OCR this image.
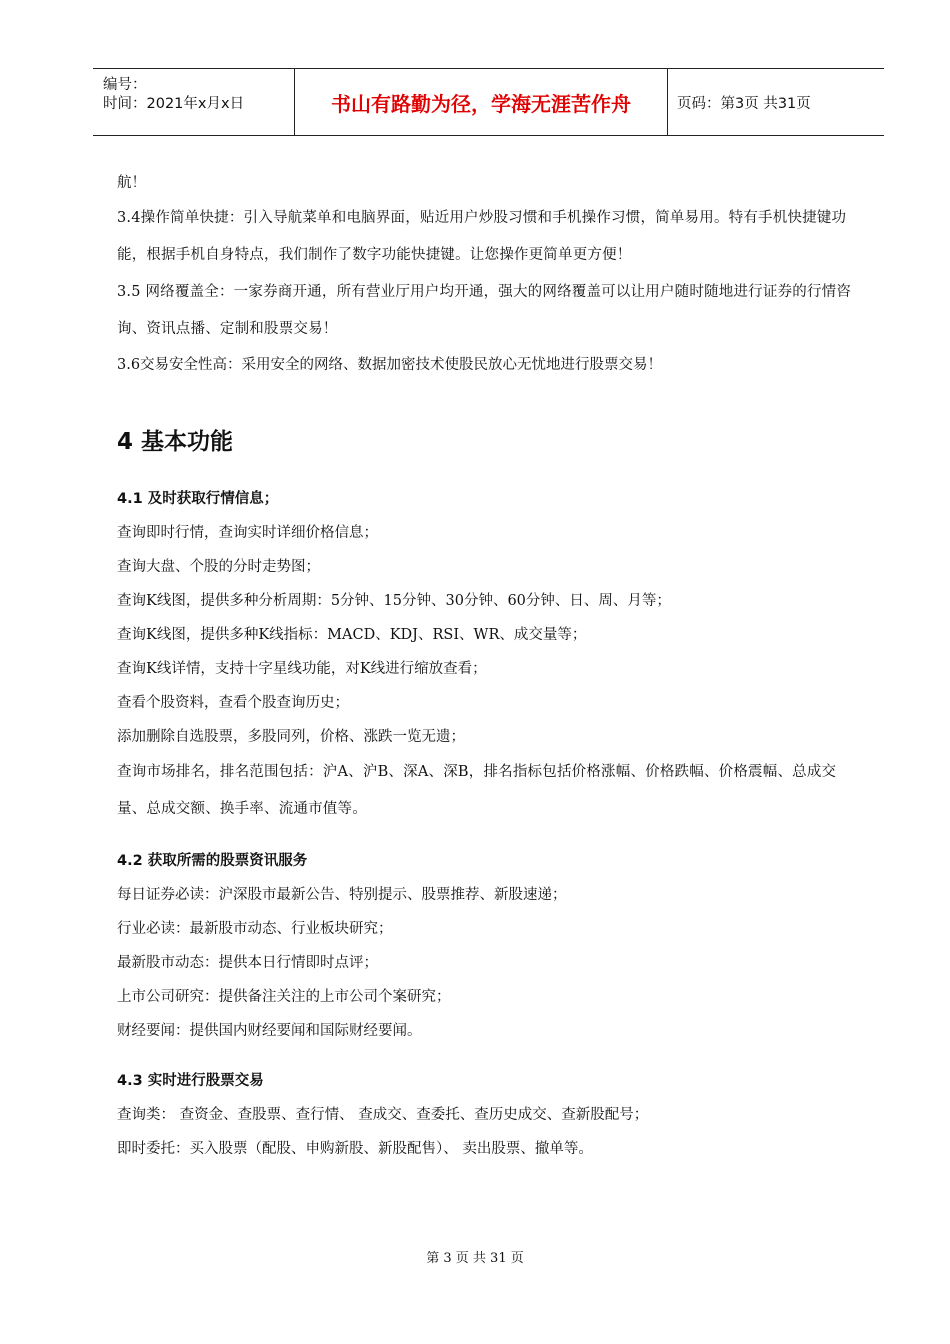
编号：
时间：2021年x月x日	书山有路勤为径，学海无涯苦作舟	页码：第3页 共31页

航！

3.4操作简单快捷：引入导航菜单和电脑界面，贴近用户炒股习惯和手机操作习惯，简单易用。特有手机快捷键功能，根据手机自身特点，我们制作了数字功能快捷键。让您操作更简单更方便！

3.5 网络覆盖全：一家券商开通，所有营业厅用户均开通，强大的网络覆盖可以让用户随时随地进行证券的行情咨询、资讯点播、定制和股票交易！

3.6交易安全性高：采用安全的网络、数据加密技术使股民放心无忧地进行股票交易！

4 基本功能
4.1 及时获取行情信息；

查询即时行情，查询实时详细价格信息；

查询大盘、个股的分时走势图；

查询K线图，提供多种分析周期：5分钟、15分钟、30分钟、60分钟、日、周、月等；

查询K线图，提供多种K线指标：MACD、KDJ、RSI、WR、成交量等；

查询K线详情，支持十字星线功能，对K线进行缩放查看；

查看个股资料，查看个股查询历史；

添加删除自选股票，多股同列，价格、涨跌一览无遗；

查询市场排名，排名范围包括：沪A、沪B、深A、深B，排名指标包括价格涨幅、价格跌幅、价格震幅、总成交量、总成交额、换手率、流通市值等。

4.2 获取所需的股票资讯服务

每日证券必读：沪深股市最新公告、特别提示、股票推荐、新股速递；

行业必读：最新股市动态、行业板块研究；

最新股市动态：提供本日行情即时点评；

上市公司研究：提供备注关注的上市公司个案研究；

财经要闻：提供国内财经要闻和国际财经要闻。

4.3 实时进行股票交易

查询类： 查资金、查股票、查行情、 查成交、查委托、查历史成交、查新股配号；

即时委托：买入股票（配股、申购新股、新股配售）、 卖出股票、撤单等。

第 3 页 共 31 页
